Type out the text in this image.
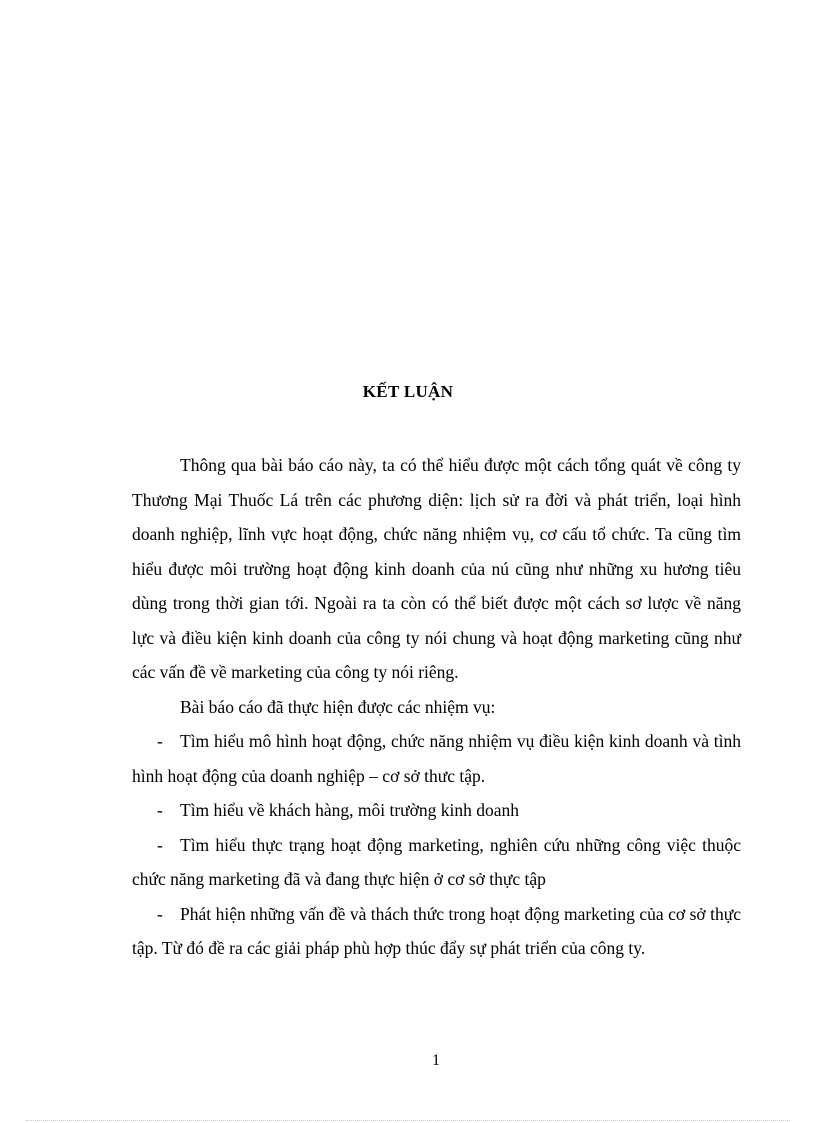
KẾT LUẬN

Thông qua bài báo cáo này, ta có thể hiểu được một cách tổng quát về công ty Thương Mại Thuốc Lá trên các phương diện: lịch sử ra đời và phát triển, loại hình doanh nghiệp, lĩnh vực hoạt động, chức năng nhiệm vụ, cơ cấu tổ chức. Ta cũng tìm hiểu được môi trường hoạt động kinh doanh của nú cũng như những xu hương tiêu dùng trong thời gian tới. Ngoài ra ta còn có thể biết được một cách sơ lược về năng lực và điều kiện kinh doanh của công ty nói chung và hoạt động marketing cũng như các vấn đề về marketing của công ty nói riêng.

Bài báo cáo đã thực hiện được các nhiệm vụ:

- Tìm hiểu mô hình hoạt động, chức năng nhiệm vụ điều kiện kinh doanh và tình hình hoạt động của doanh nghiệp – cơ sở thưc tập.

- Tìm hiểu về khách hàng, môi trường kinh doanh

- Tìm hiểu thực trạng hoạt động marketing, nghiên cứu những công việc thuộc chức năng marketing đã và đang thực hiện ở cơ sở thực tập

- Phát hiện những vấn đề và thách thức trong hoạt động marketing của cơ sở thực tập. Từ đó đề ra các giải pháp phù hợp thúc đẩy sự phát triển của công ty.

1
